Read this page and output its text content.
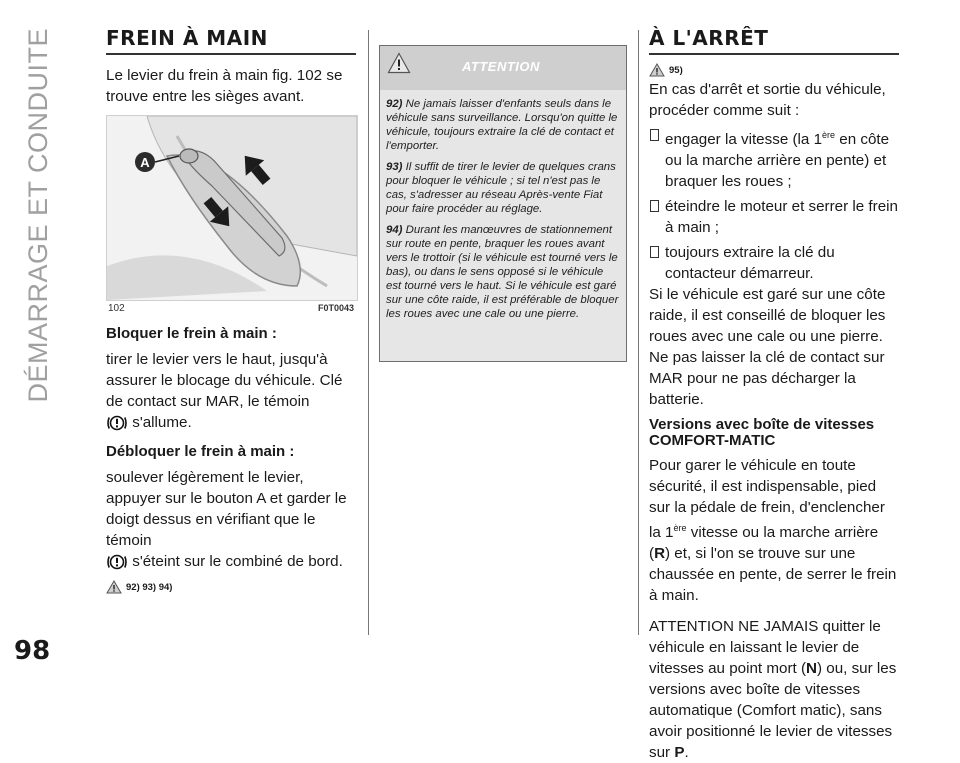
DÉMARRAGE ET CONDUITE
98
FREIN À MAIN

Le levier du frein à main fig. 102 se trouve entre les sièges avant.

A
102	F0T0043

Bloquer le frein à main :

tirer le levier vers le haut, jusqu'à assurer le blocage du véhicule. Clé de contact sur MAR, le témoin
s'allume.

Débloquer le frein à main :

soulever légèrement le levier, appuyer sur le bouton A et garder le doigt dessus en vérifiant que le témoin
s'éteint sur le combiné de bord.

92) 93) 94)
ATTENTION

92) Ne jamais laisser d'enfants seuls dans le véhicule sans surveillance. Lorsqu'on quitte le véhicule, toujours extraire la clé de contact et l'emporter.

93) Il suffit de tirer le levier de quelques crans pour bloquer le véhicule ; si tel n'est pas le cas, s'adresser au réseau Après-vente Fiat pour faire procéder au réglage.

94) Durant les manœuvres de stationnement sur route en pente, braquer les roues avant vers le trottoir (si le véhicule est tourné vers le bas), ou dans le sens opposé si le véhicule est tourné vers le haut. Si le véhicule est garé sur une côte raide, il est préférable de bloquer les roues avec une cale ou une pierre.

À L'ARRÊT
95)

En cas d'arrêt et sortie du véhicule, procéder comme suit :

engager la vitesse (la 1ère en côte ou la marche arrière en pente) et braquer les roues ;

éteindre le moteur et serrer le frein à main ;

toujours extraire la clé du contacteur démarreur.

Si le véhicule est garé sur une côte raide, il est conseillé de bloquer les roues avec une cale ou une pierre.

Ne pas laisser la clé de contact sur MAR pour ne pas décharger la batterie.

Versions avec boîte de vitesses COMFORT-MATIC

Pour garer le véhicule en toute sécurité, il est indispensable, pied sur la pédale de frein, d'enclencher la 1ère vitesse ou la marche arrière (R) et, si l'on se trouve sur une chaussée en pente, de serrer le frein à main.

ATTENTION NE JAMAIS quitter le véhicule en laissant le levier de vitesses au point mort (N) ou, sur les versions avec boîte de vitesses automatique (Comfort matic), sans avoir positionné le levier de vitesses sur P.
